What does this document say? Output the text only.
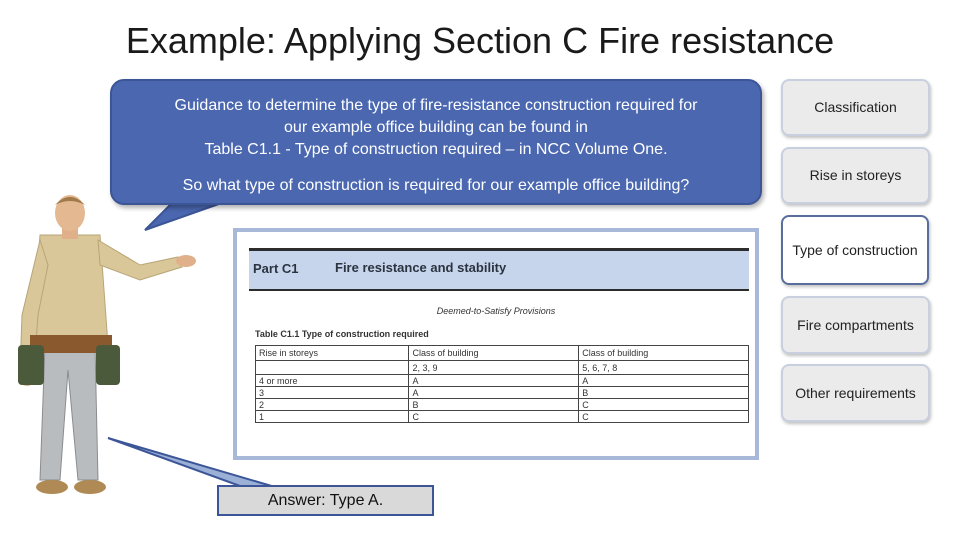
Example: Applying Section C Fire resistance
Guidance to determine the type of fire-resistance construction required for
our example office building can be found in
Table C1.1 - Type of construction required – in NCC Volume One.
So what type of construction is required for our example office building?
Part C1	Fire resistance and stability
Deemed-to-Satisfy Provisions
Table C1.1 Type of construction required
Rise in storeys	Class of building	Class of building
	2, 3, 9	5, 6, 7, 8
4 or more	A	A
3	A	B
2	B	C
1	C	C
Answer: Type A.
Classification
Rise in storeys
Type of construction
Fire compartments
Other requirements
